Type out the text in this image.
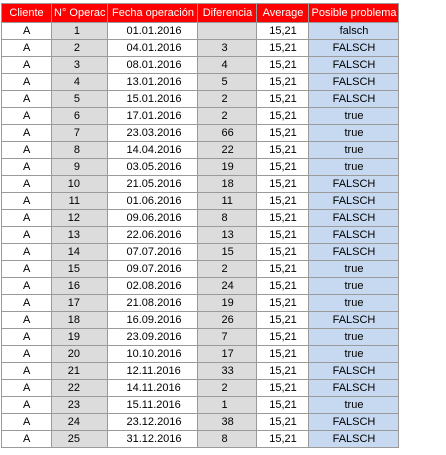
Cliente	N° Operac	Fecha operación	Diferencia	Average	Posible problema
A	1	01.01.2016		15,21	falsch
A	2	04.01.2016	3	15,21	FALSCH
A	3	08.01.2016	4	15,21	FALSCH
A	4	13.01.2016	5	15,21	FALSCH
A	5	15.01.2016	2	15,21	FALSCH
A	6	17.01.2016	2	15,21	true
A	7	23.03.2016	66	15,21	true
A	8	14.04.2016	22	15,21	true
A	9	03.05.2016	19	15,21	true
A	10	21.05.2016	18	15,21	FALSCH
A	11	01.06.2016	11	15,21	FALSCH
A	12	09.06.2016	8	15,21	FALSCH
A	13	22.06.2016	13	15,21	FALSCH
A	14	07.07.2016	15	15,21	FALSCH
A	15	09.07.2016	2	15,21	true
A	16	02.08.2016	24	15,21	true
A	17	21.08.2016	19	15,21	true
A	18	16.09.2016	26	15,21	FALSCH
A	19	23.09.2016	7	15,21	true
A	20	10.10.2016	17	15,21	true
A	21	12.11.2016	33	15,21	FALSCH
A	22	14.11.2016	2	15,21	FALSCH
A	23	15.11.2016	1	15,21	true
A	24	23.12.2016	38	15,21	FALSCH
A	25	31.12.2016	8	15,21	FALSCH
